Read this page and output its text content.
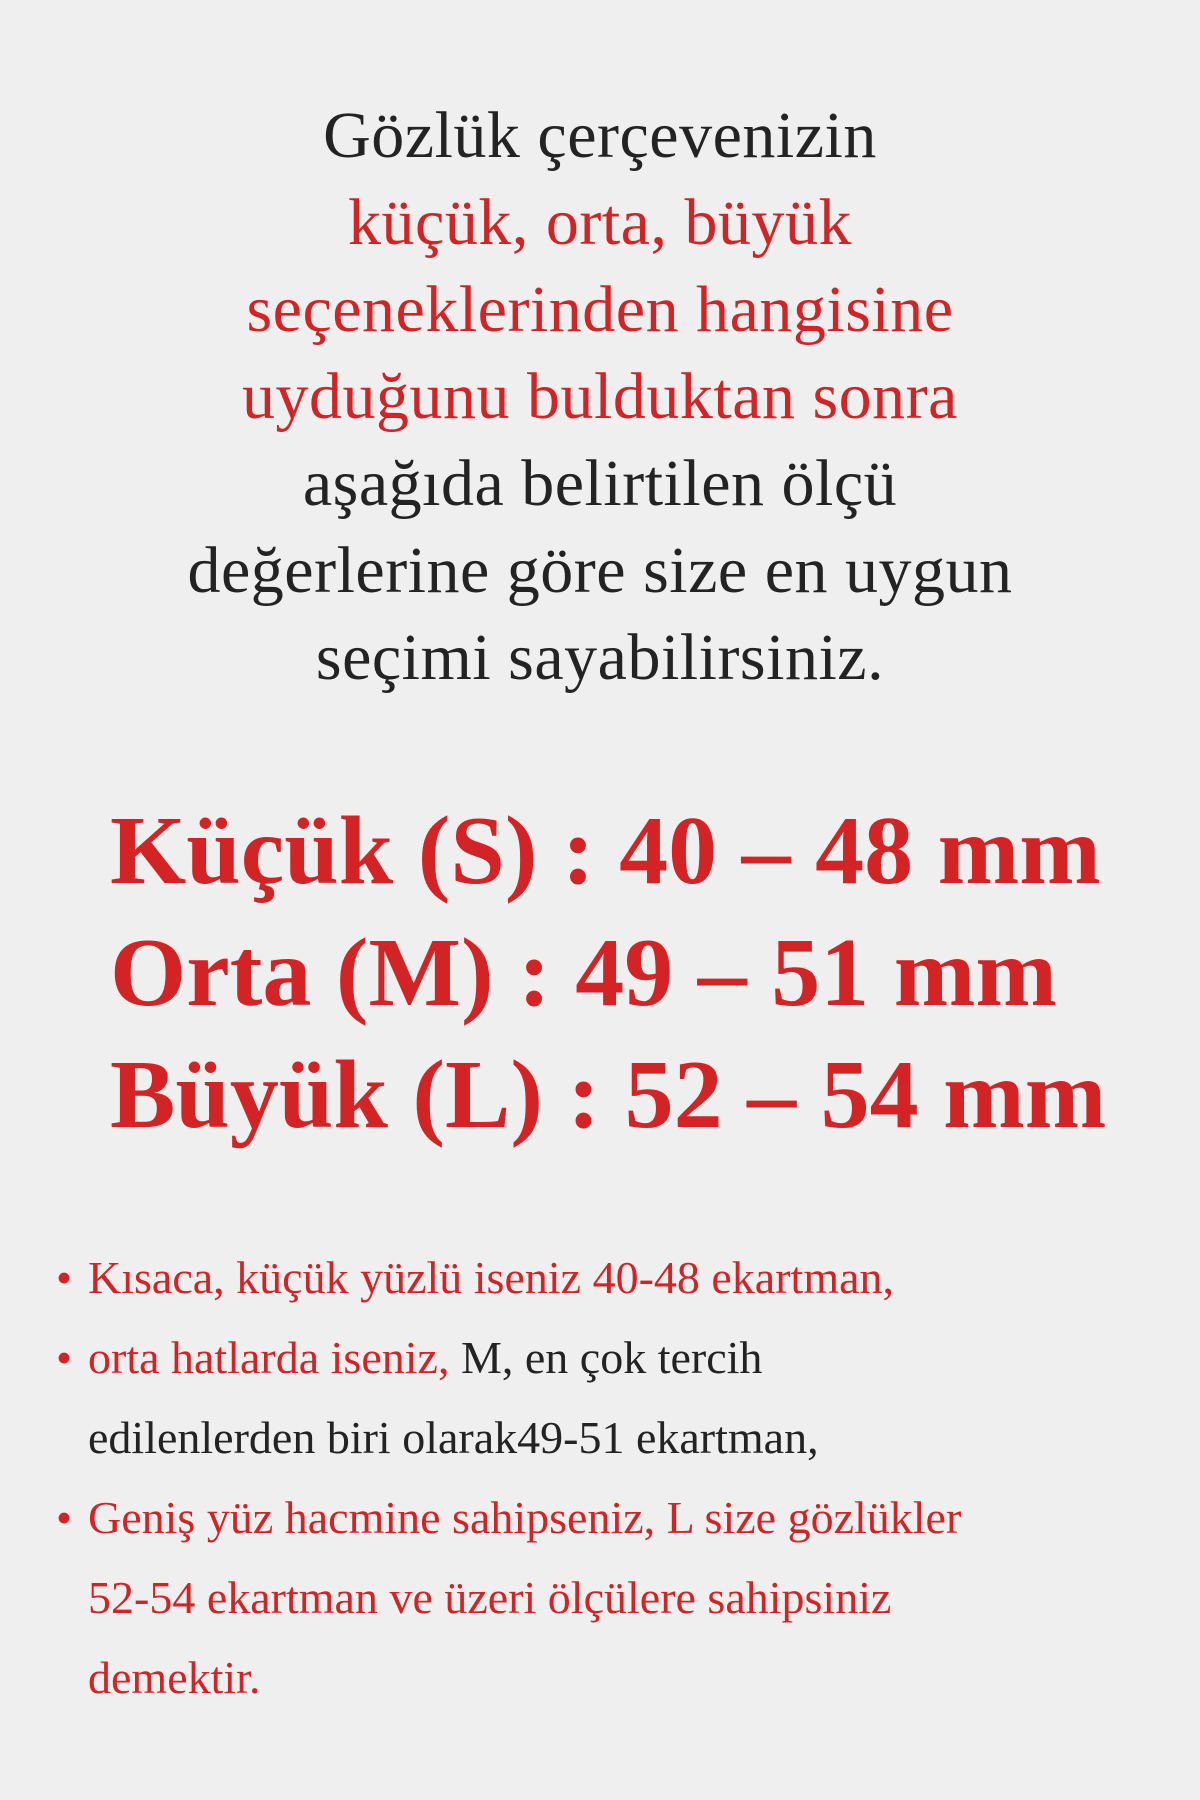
Gözlük çerçevenizin
küçük, orta, büyük
seçeneklerinden hangisine
uyduğunu bulduktan sonra
aşağıda belirtilen ölçü
değerlerine göre size en uygun
seçimi sayabilirsiniz.
Küçük (S) : 40 – 48 mm
Orta (M) : 49 – 51 mm
Büyük (L) : 52 – 54 mm
• Kısaca, küçük yüzlü iseniz 40-48 ekartman,
• orta hatlarda iseniz, M, en çok tercih
edilenlerden biri olarak49-51 ekartman,
• Geniş yüz hacmine sahipseniz, L size gözlükler
52-54 ekartman ve üzeri ölçülere sahipsiniz
demektir.
